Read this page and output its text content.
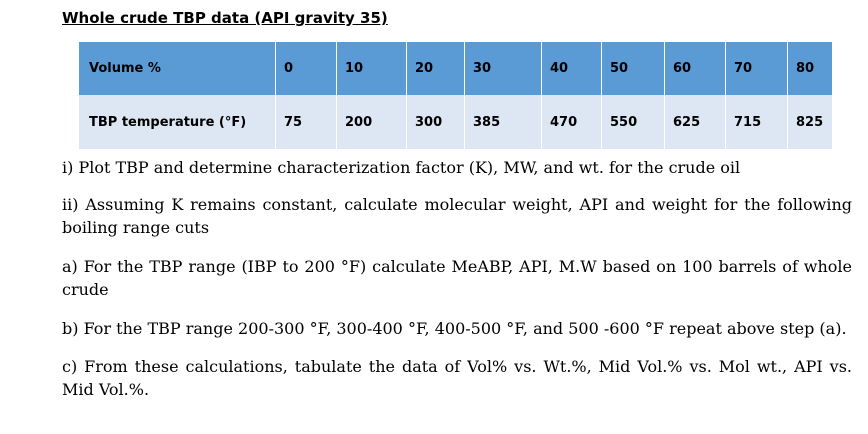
Whole crude TBP data (API gravity 35)
Volume %	0	10	20	30	40	50	60	70	80
TBP temperature (°F)	75	200	300	385	470	550	625	715	825
i) Plot TBP and determine characterization factor (K), MW, and wt. for the crude oil
ii) Assuming K remains constant, calculate molecular weight, API and weight for the following boiling range cuts
a) For the TBP range (IBP to 200 °F) calculate MeABP, API, M.W based on 100 barrels of whole crude
b) For the TBP range 200-300 °F, 300-400 °F, 400-500 °F, and 500 -600 °F repeat above step (a).
c) From these calculations, tabulate the data of Vol% vs. Wt.%, Mid Vol.% vs. Mol wt., API vs. Mid Vol.%.
